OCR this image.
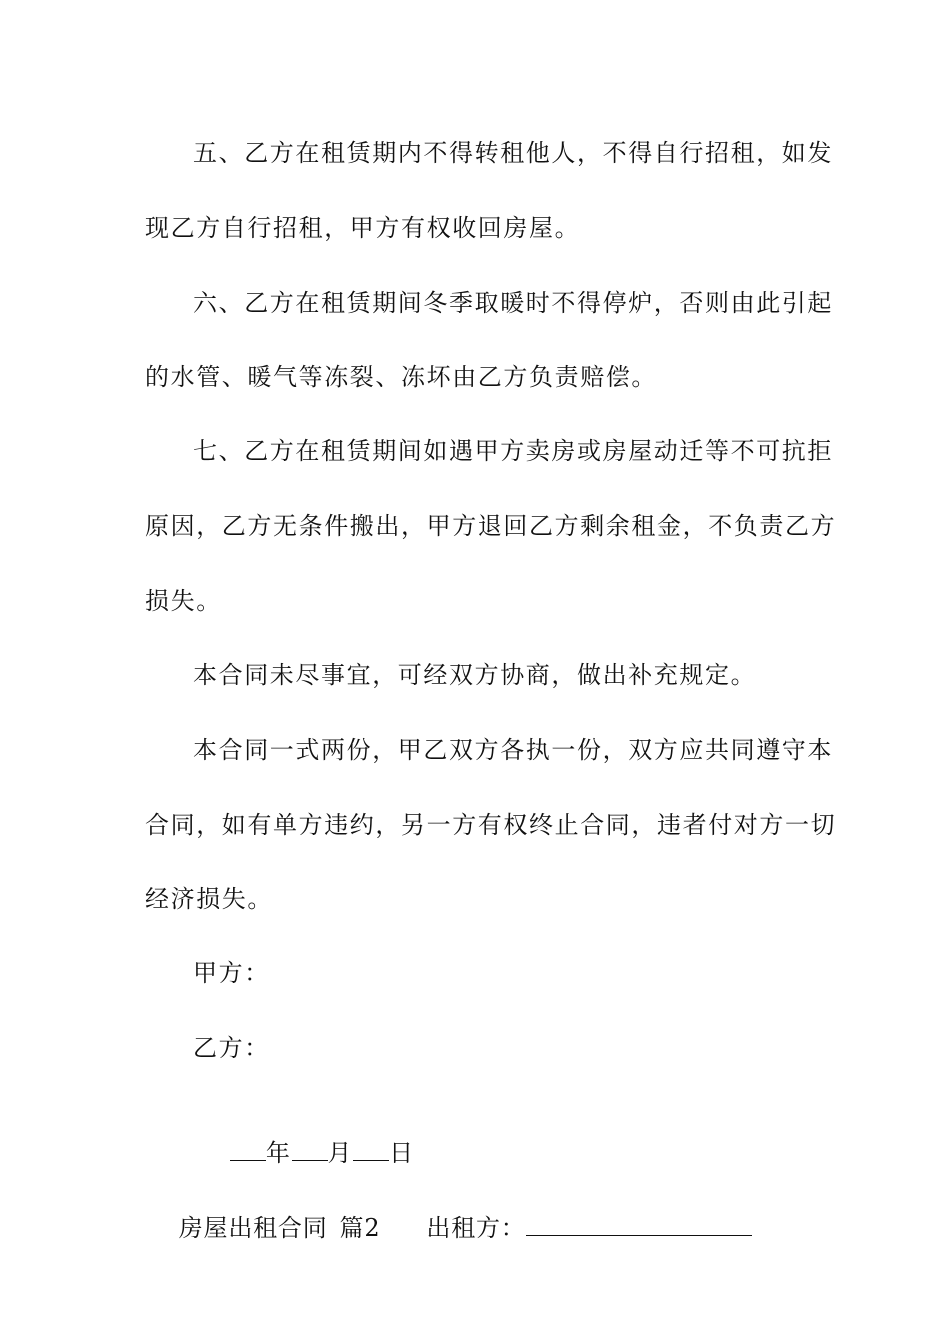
五、乙方在租赁期内不得转租他人，不得自行招租，如发
现乙方自行招租，甲方有权收回房屋。
六、乙方在租赁期间冬季取暖时不得停炉，否则由此引起
的水管、暖气等冻裂、冻坏由乙方负责赔偿。
七、乙方在租赁期间如遇甲方卖房或房屋动迁等不可抗拒
原因，乙方无条件搬出，甲方退回乙方剩余租金，不负责乙方
损失。
本合同未尽事宜，可经双方协商，做出补充规定。
本合同一式两份，甲乙双方各执一份，双方应共同遵守本
合同，如有单方违约，另一方有权终止合同，违者付对方一切
经济损失。
甲方：
乙方：

年 月 日

房屋出租合同 篇2 出租方：
